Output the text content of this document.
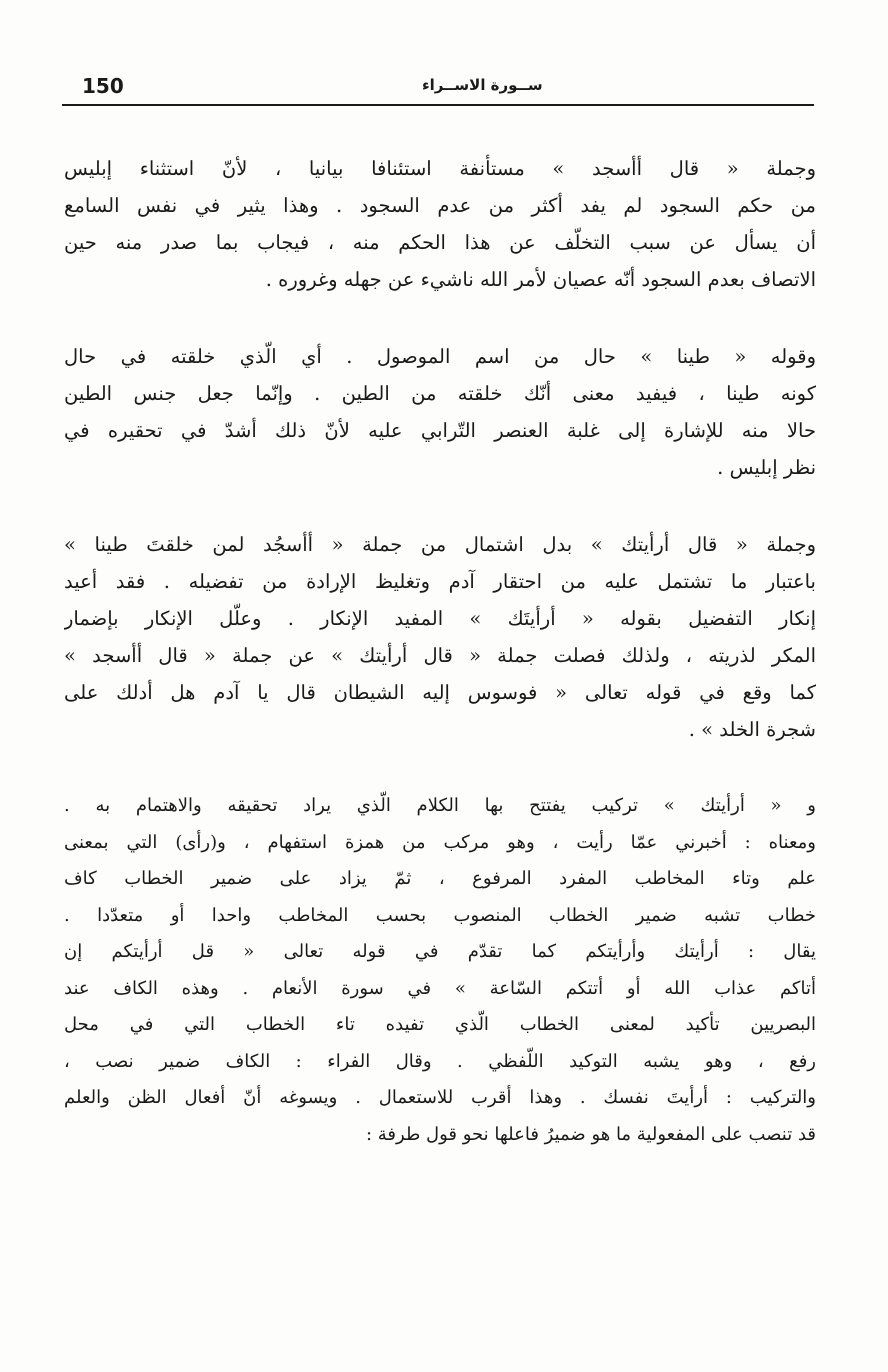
150	ســورة الاســراء
وجملة « قال أأسجد » مستأنفة استئنافا بيانيا ، لأنّ استثناء إبليس
من حكم السجود لم يفد أكثر من عدم السجود . وهذا يثير في نفس السامع
أن يسأل عن سبب التخلّف عن هذا الحكم منه ، فيجاب بما صدر منه حين
الاتصاف بعدم السجود أنّه عصيان لأمر الله ناشيء عن جهله وغروره .
وقوله « طينا » حال من اسم الموصول . أي الّذي خلقته في حال
كونه طينا ، فيفيد معنى أنّك خلقته من الطين . وإنّما جعل جنس الطين
حالا منه للإشارة إلى غلبة العنصر التّرابي عليه لأنّ ذلك أشدّ في تحقيره في
نظر إبليس .
وجملة « قال أرأيتك » بدل اشتمال من جملة « أأسجُد لمن خلقتَ طينا »
باعتبار ما تشتمل عليه من احتقار آدم وتغليظ الإرادة من تفضيله . فقد أعيد
إنكار التفضيل بقوله « أرأيتَك » المفيد الإنكار . وعلّل الإنكار بإضمار
المكر لذريته ، ولذلك فصلت جملة « قال أرأيتك » عن جملة « قال أأسجد »
كما وقع في قوله تعالى « فوسوس إليه الشيطان قال يا آدم هل أدلك على
شجرة الخلد » .
و « أرأيتك » تركيب يفتتح بها الكلام الّذي يراد تحقيقه والاهتمام به .
ومعناه : أخبرني عمّا رأيت ، وهو مركب من همزة استفهام ، و(رأى) التي بمعنى
علم وتاء المخاطب المفرد المرفوع ، ثمّ يزاد على ضمير الخطاب كاف
خطاب تشبه ضمير الخطاب المنصوب بحسب المخاطب واحدا أو متعدّدا .
يقال : أرأيتك وأرأيتكم كما تقدّم في قوله تعالى « قل أرأيتكم إن
أتاكم عذاب الله أو أتتكم السّاعة » في سورة الأنعام . وهذه الكاف عند
البصريين تأكيد لمعنى الخطاب الّذي تفيده تاء الخطاب التي في محل
رفع ، وهو يشبه التوكيد اللّفظي . وقال الفراء : الكاف ضمير نصب ،
والتركيب : أرأيتَ نفسك . وهذا أقرب للاستعمال . ويسوغه أنّ أفعال الظن والعلم
قد تنصب على المفعولية ما هو ضميرُ فاعلها نحو قول طرفة :
